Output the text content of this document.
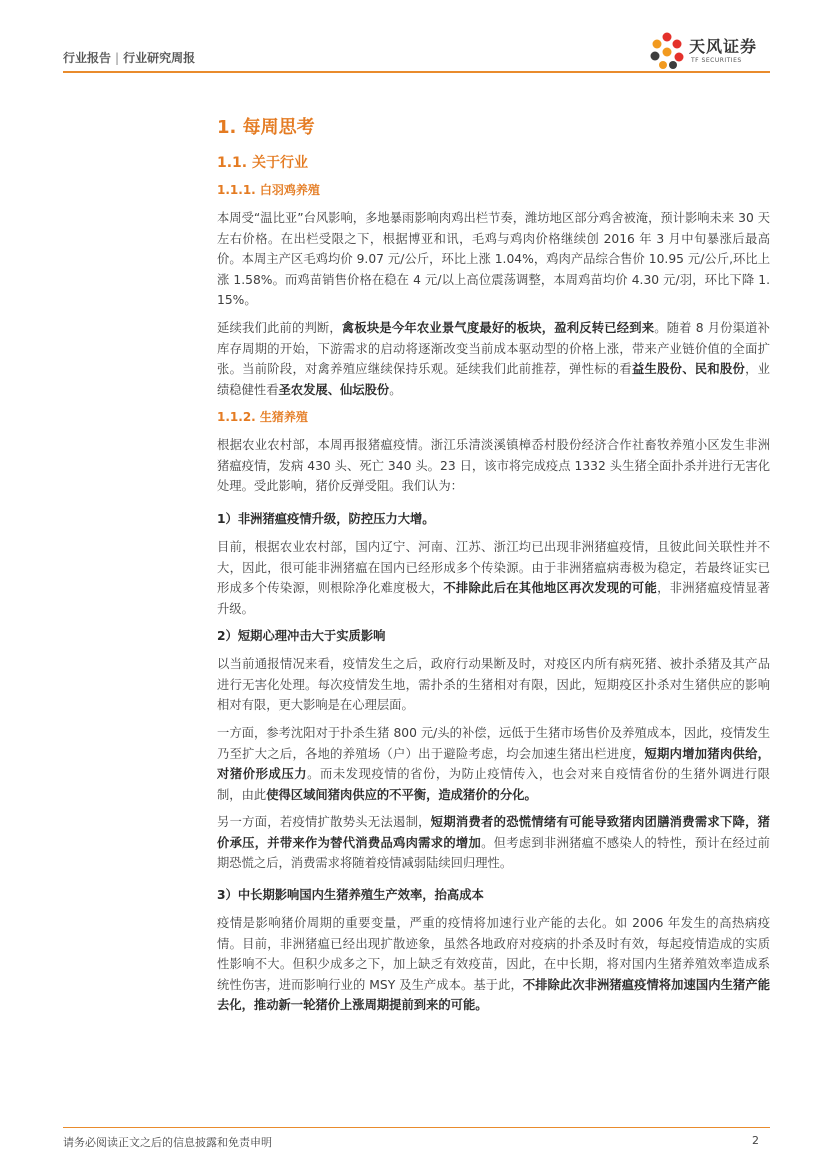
行业报告 | 行业研究周报
天风证券
TF SECURITIES
1. 每周思考
1.1. 关于行业
1.1.1. 白羽鸡养殖
本周受“温比亚”台风影响，多地暴雨影响肉鸡出栏节奏，潍坊地区部分鸡舍被淹，预计影响未来 30 天左右价格。在出栏受限之下，根据博亚和讯，毛鸡与鸡肉价格继续创 2016 年 3 月中旬暴涨后最高价。本周主产区毛鸡均价 9.07 元/公斤，环比上涨 1.04%，鸡肉产品综合售价 10.95 元/公斤,环比上涨 1.58%。而鸡苗销售价格在稳在 4 元/以上高位震荡调整，本周鸡苗均价 4.30 元/羽，环比下降 1.15%。
延续我们此前的判断，禽板块是今年农业景气度最好的板块，盈利反转已经到来。随着 8 月份渠道补库存周期的开始，下游需求的启动将逐渐改变当前成本驱动型的价格上涨，带来产业链价值的全面扩张。当前阶段，对禽养殖应继续保持乐观。延续我们此前推荐，弹性标的看益生股份、民和股份，业绩稳健性看圣农发展、仙坛股份。
1.1.2. 生猪养殖
根据农业农村部，本周再报猪瘟疫情。浙江乐清淡溪镇樟岙村股份经济合作社畜牧养殖小区发生非洲猪瘟疫情，发病 430 头、死亡 340 头。23 日，该市将完成疫点 1332 头生猪全面扑杀并进行无害化处理。受此影响，猪价反弹受阻。我们认为：
1）非洲猪瘟疫情升级，防控压力大增。
目前，根据农业农村部，国内辽宁、河南、江苏、浙江均已出现非洲猪瘟疫情，且彼此间关联性并不大，因此，很可能非洲猪瘟在国内已经形成多个传染源。由于非洲猪瘟病毒极为稳定，若最终证实已形成多个传染源，则根除净化难度极大，不排除此后在其他地区再次发现的可能，非洲猪瘟疫情显著升级。
2）短期心理冲击大于实质影响
以当前通报情况来看，疫情发生之后，政府行动果断及时，对疫区内所有病死猪、被扑杀猪及其产品进行无害化处理。每次疫情发生地，需扑杀的生猪相对有限，因此，短期疫区扑杀对生猪供应的影响相对有限，更大影响是在心理层面。
一方面，参考沈阳对于扑杀生猪 800 元/头的补偿，远低于生猪市场售价及养殖成本，因此，疫情发生乃至扩大之后，各地的养殖场（户）出于避险考虑，均会加速生猪出栏进度，短期内增加猪肉供给，对猪价形成压力。而未发现疫情的省份，为防止疫情传入，也会对来自疫情省份的生猪外调进行限制，由此使得区域间猪肉供应的不平衡，造成猪价的分化。
另一方面，若疫情扩散势头无法遏制，短期消费者的恐慌情绪有可能导致猪肉团膳消费需求下降，猪价承压，并带来作为替代消费品鸡肉需求的增加。但考虑到非洲猪瘟不感染人的特性，预计在经过前期恐慌之后，消费需求将随着疫情减弱陆续回归理性。
3）中长期影响国内生猪养殖生产效率，抬高成本
疫情是影响猪价周期的重要变量，严重的疫情将加速行业产能的去化。如 2006 年发生的高热病疫情。目前，非洲猪瘟已经出现扩散迹象，虽然各地政府对疫病的扑杀及时有效，每起疫情造成的实质性影响不大。但积少成多之下，加上缺乏有效疫苗，因此，在中长期，将对国内生猪养殖效率造成系统性伤害，进而影响行业的 MSY 及生产成本。基于此，不排除此次非洲猪瘟疫情将加速国内生猪产能去化，推动新一轮猪价上涨周期提前到来的可能。
请务必阅读正文之后的信息披露和免责申明	2
